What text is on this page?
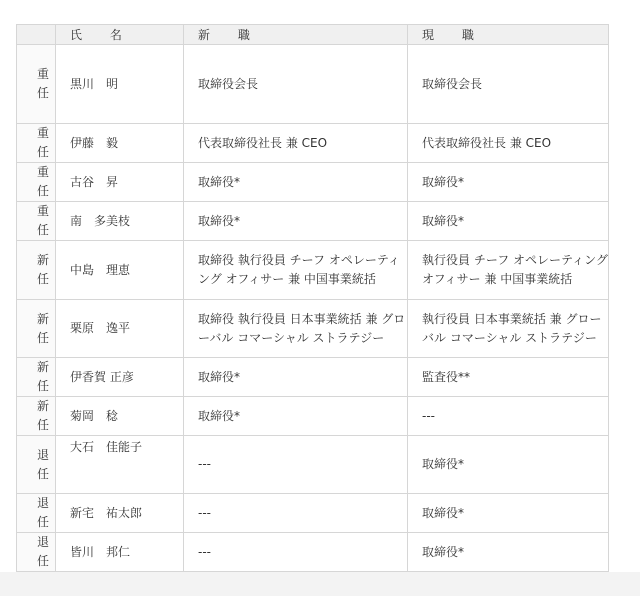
	氏 名	新 職	現 職

重任	黒川　明	取締役会長	取締役会長

重任	伊藤　毅	代表取締役社長 兼 CEO	代表取締役社長 兼 CEO

重任	古谷　昇	取締役*	取締役*

重任	南　多美枝	取締役*	取締役*

新任	中島　理恵	取締役 執行役員 チーフ オペレーティング オフィサー 兼 中国事業統括	執行役員 チーフ オペレーティング オフィサー 兼 中国事業統括

新任	栗原　逸平	取締役 執行役員 日本事業統括 兼 グローバル コマーシャル ストラテジー	執行役員 日本事業統括 兼 グローバル コマーシャル ストラテジー

新任	伊香賀 正彦	取締役*	監査役**

新任	菊岡　稔	取締役*	---

退任	大石　佳能子	---	取締役*

退任	新宅　祐太郎	---	取締役*

退任	皆川　邦仁	---	取締役*
